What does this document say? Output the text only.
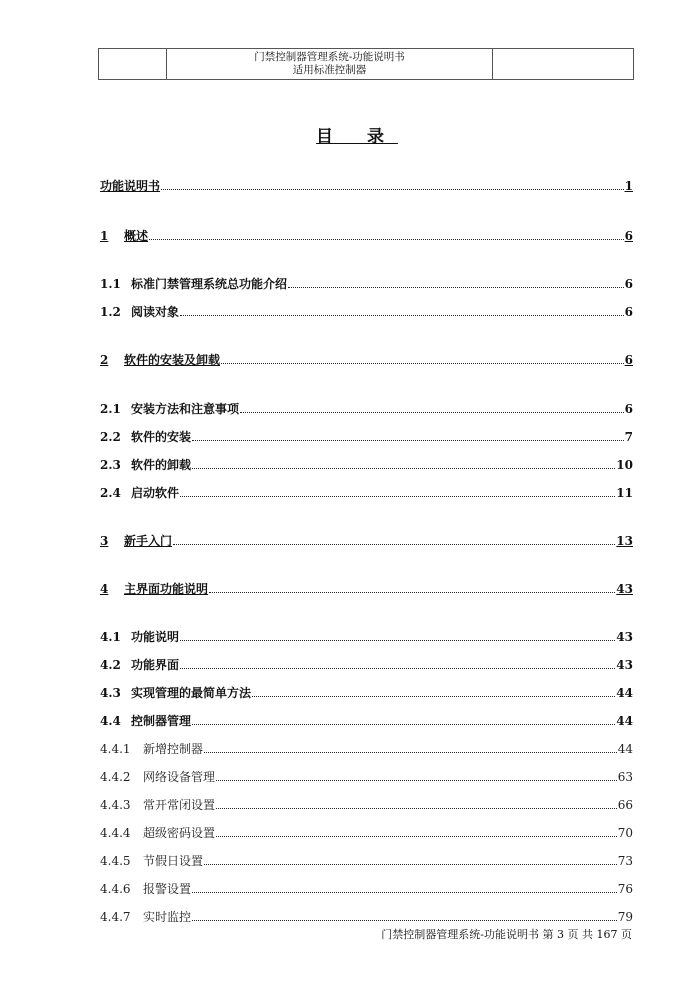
门禁控制器管理系统-功能说明书
适用标准控制器
目 录
功能说明书	1
1	概述	6
1.1 标准门禁管理系统总功能介绍	6
1.2 阅读对象	6
2	软件的安装及卸载	6
2.1 安装方法和注意事项	6
2.2 软件的安装	7
2.3 软件的卸载	10
2.4 启动软件	11
3	新手入门	13
4	主界面功能说明	43
4.1 功能说明	43
4.2 功能界面	43
4.3 实现管理的最简单方法	44
4.4 控制器管理	44
4.4.1	新增控制器	44
4.4.2	网络设备管理	63
4.4.3	常开常闭设置	66
4.4.4	超级密码设置	70
4.4.5	节假日设置	73
4.4.6	报警设置	76
4.4.7	实时监控	79
门禁控制器管理系统-功能说明书 第 3 页 共 167 页
